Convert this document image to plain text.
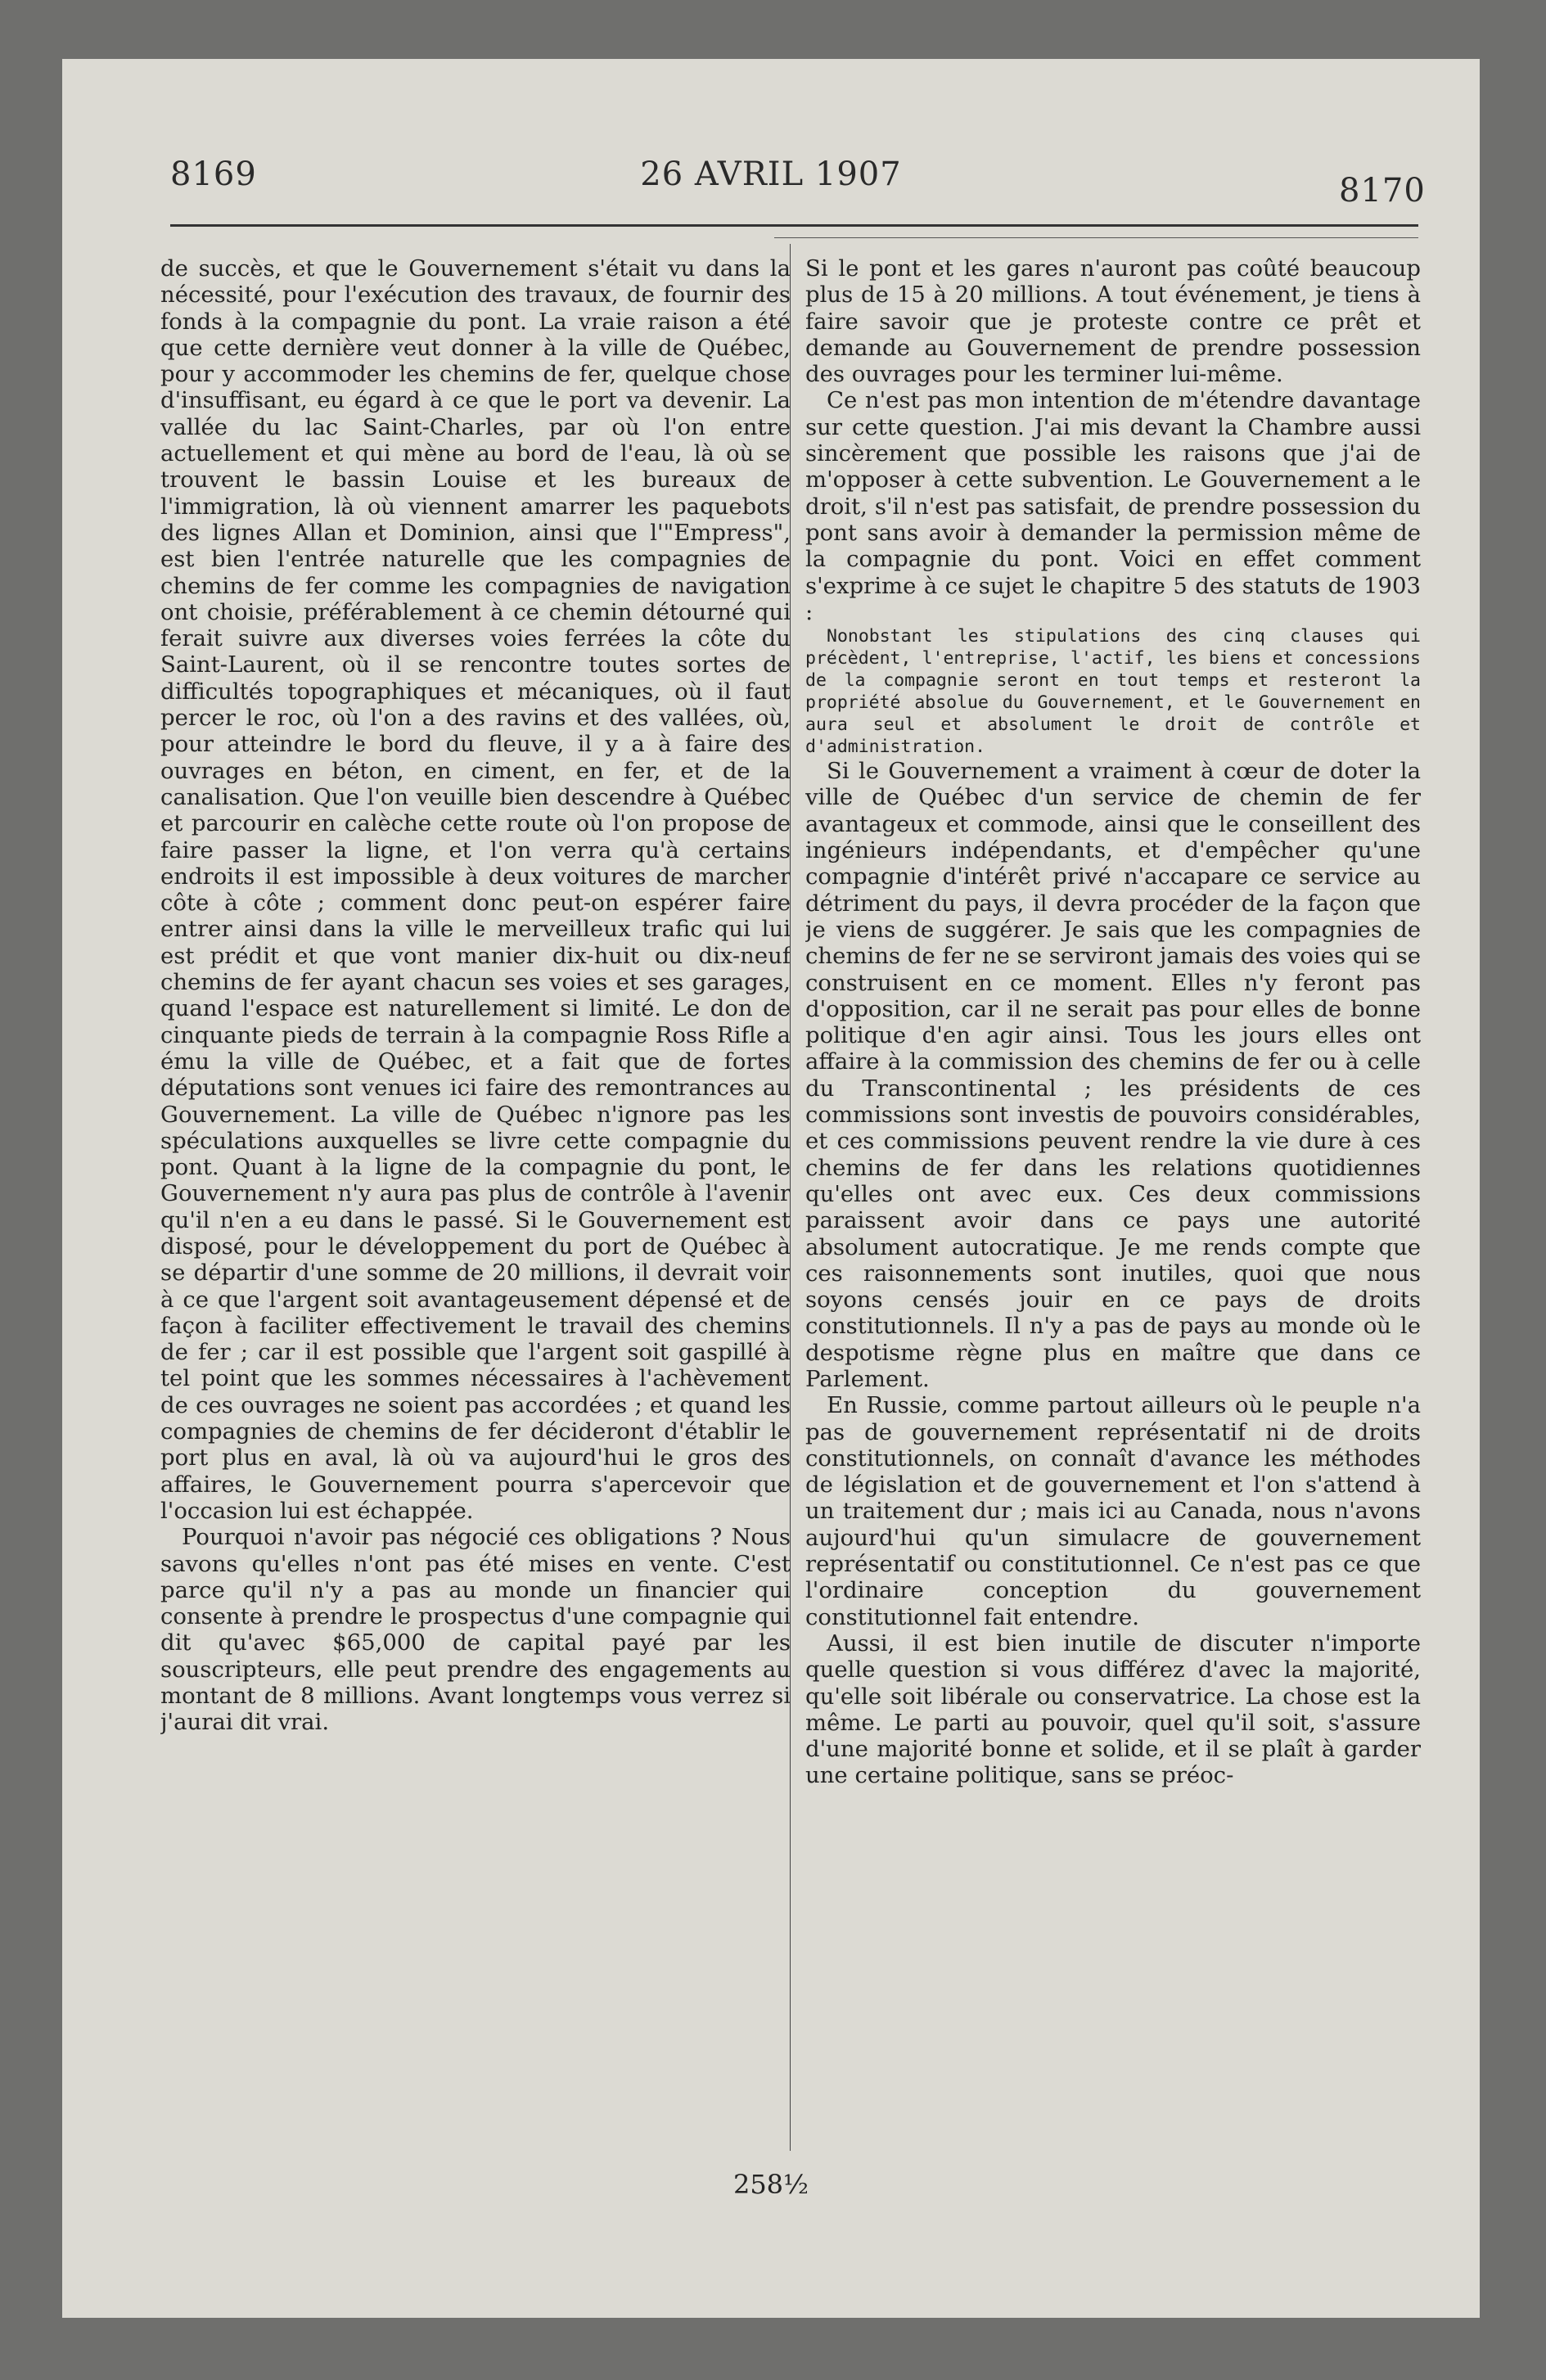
8169	26 AVRIL 1907	8170

de succès, et que le Gouvernement s'était vu dans la nécessité, pour l'exécution des travaux, de fournir des fonds à la compagnie du pont. La vraie raison a été que cette dernière veut donner à la ville de Québec, pour y accommoder les chemins de fer, quelque chose d'insuffisant, eu égard à ce que le port va devenir. La vallée du lac Saint-Charles, par où l'on entre actuellement et qui mène au bord de l'eau, là où se trouvent le bassin Louise et les bureaux de l'immigration, là où viennent amarrer les paquebots des lignes Allan et Dominion, ainsi que l'"Empress", est bien l'entrée naturelle que les compagnies de chemins de fer comme les compagnies de navigation ont choisie, préférablement à ce chemin détourné qui ferait suivre aux diverses voies ferrées la côte du Saint-Laurent, où il se rencontre toutes sortes de difficultés topographiques et mécaniques, où il faut percer le roc, où l'on a des ravins et des vallées, où, pour atteindre le bord du fleuve, il y a à faire des ouvrages en béton, en ciment, en fer, et de la canalisation. Que l'on veuille bien descendre à Québec et parcourir en calèche cette route où l'on propose de faire passer la ligne, et l'on verra qu'à certains endroits il est impossible à deux voitures de marcher côte à côte ; comment donc peut-on espérer faire entrer ainsi dans la ville le merveilleux trafic qui lui est prédit et que vont manier dix-huit ou dix-neuf chemins de fer ayant chacun ses voies et ses garages, quand l'espace est naturellement si limité. Le don de cinquante pieds de terrain à la compagnie Ross Rifle a ému la ville de Québec, et a fait que de fortes députations sont venues ici faire des remontrances au Gouvernement. La ville de Québec n'ignore pas les spéculations auxquelles se livre cette compagnie du pont. Quant à la ligne de la compagnie du pont, le Gouvernement n'y aura pas plus de contrôle à l'avenir qu'il n'en a eu dans le passé. Si le Gouvernement est disposé, pour le développement du port de Québec à se départir d'une somme de 20 millions, il devrait voir à ce que l'argent soit avantageusement dépensé et de façon à faciliter effectivement le travail des chemins de fer ; car il est possible que l'argent soit gaspillé à tel point que les sommes nécessaires à l'achèvement de ces ouvrages ne soient pas accordées ; et quand les compagnies de chemins de fer décideront d'établir le port plus en aval, là où va aujourd'hui le gros des affaires, le Gouvernement pourra s'apercevoir que l'occasion lui est échappée.

Pourquoi n'avoir pas négocié ces obligations ? Nous savons qu'elles n'ont pas été mises en vente. C'est parce qu'il n'y a pas au monde un financier qui consente à prendre le prospectus d'une compagnie qui dit qu'avec $65,000 de capital payé par les souscripteurs, elle peut prendre des engagements au montant de 8 millions. Avant longtemps vous verrez si j'aurai dit vrai.

Si le pont et les gares n'auront pas coûté beaucoup plus de 15 à 20 millions. A tout événement, je tiens à faire savoir que je proteste contre ce prêt et demande au Gouvernement de prendre possession des ouvrages pour les terminer lui-même.

Ce n'est pas mon intention de m'étendre davantage sur cette question. J'ai mis devant la Chambre aussi sincèrement que possible les raisons que j'ai de m'opposer à cette subvention. Le Gouvernement a le droit, s'il n'est pas satisfait, de prendre possession du pont sans avoir à demander la permission même de la compagnie du pont. Voici en effet comment s'exprime à ce sujet le chapitre 5 des statuts de 1903 :

Nonobstant les stipulations des cinq clauses qui précèdent, l'entreprise, l'actif, les biens et concessions de la compagnie seront en tout temps et resteront la propriété absolue du Gouvernement, et le Gouvernement en aura seul et absolument le droit de contrôle et d'administration.

Si le Gouvernement a vraiment à cœur de doter la ville de Québec d'un service de chemin de fer avantageux et commode, ainsi que le conseillent des ingénieurs indépendants, et d'empêcher qu'une compagnie d'intérêt privé n'accapare ce service au détriment du pays, il devra procéder de la façon que je viens de suggérer. Je sais que les compagnies de chemins de fer ne se serviront jamais des voies qui se construisent en ce moment. Elles n'y feront pas d'opposition, car il ne serait pas pour elles de bonne politique d'en agir ainsi. Tous les jours elles ont affaire à la commission des chemins de fer ou à celle du Transcontinental ; les présidents de ces commissions sont investis de pouvoirs considérables, et ces commissions peuvent rendre la vie dure à ces chemins de fer dans les relations quotidiennes qu'elles ont avec eux. Ces deux commissions paraissent avoir dans ce pays une autorité absolument autocratique. Je me rends compte que ces raisonnements sont inutiles, quoi que nous soyons censés jouir en ce pays de droits constitutionnels. Il n'y a pas de pays au monde où le despotisme règne plus en maître que dans ce Parlement.

En Russie, comme partout ailleurs où le peuple n'a pas de gouvernement représentatif ni de droits constitutionnels, on connaît d'avance les méthodes de législation et de gouvernement et l'on s'attend à un traitement dur ; mais ici au Canada, nous n'avons aujourd'hui qu'un simulacre de gouvernement représentatif ou constitutionnel. Ce n'est pas ce que l'ordinaire conception du gouvernement constitutionnel fait entendre.

Aussi, il est bien inutile de discuter n'importe quelle question si vous différez d'avec la majorité, qu'elle soit libérale ou conservatrice. La chose est la même. Le parti au pouvoir, quel qu'il soit, s'assure d'une majorité bonne et solide, et il se plaît à garder une certaine politique, sans se préoc-

258½
